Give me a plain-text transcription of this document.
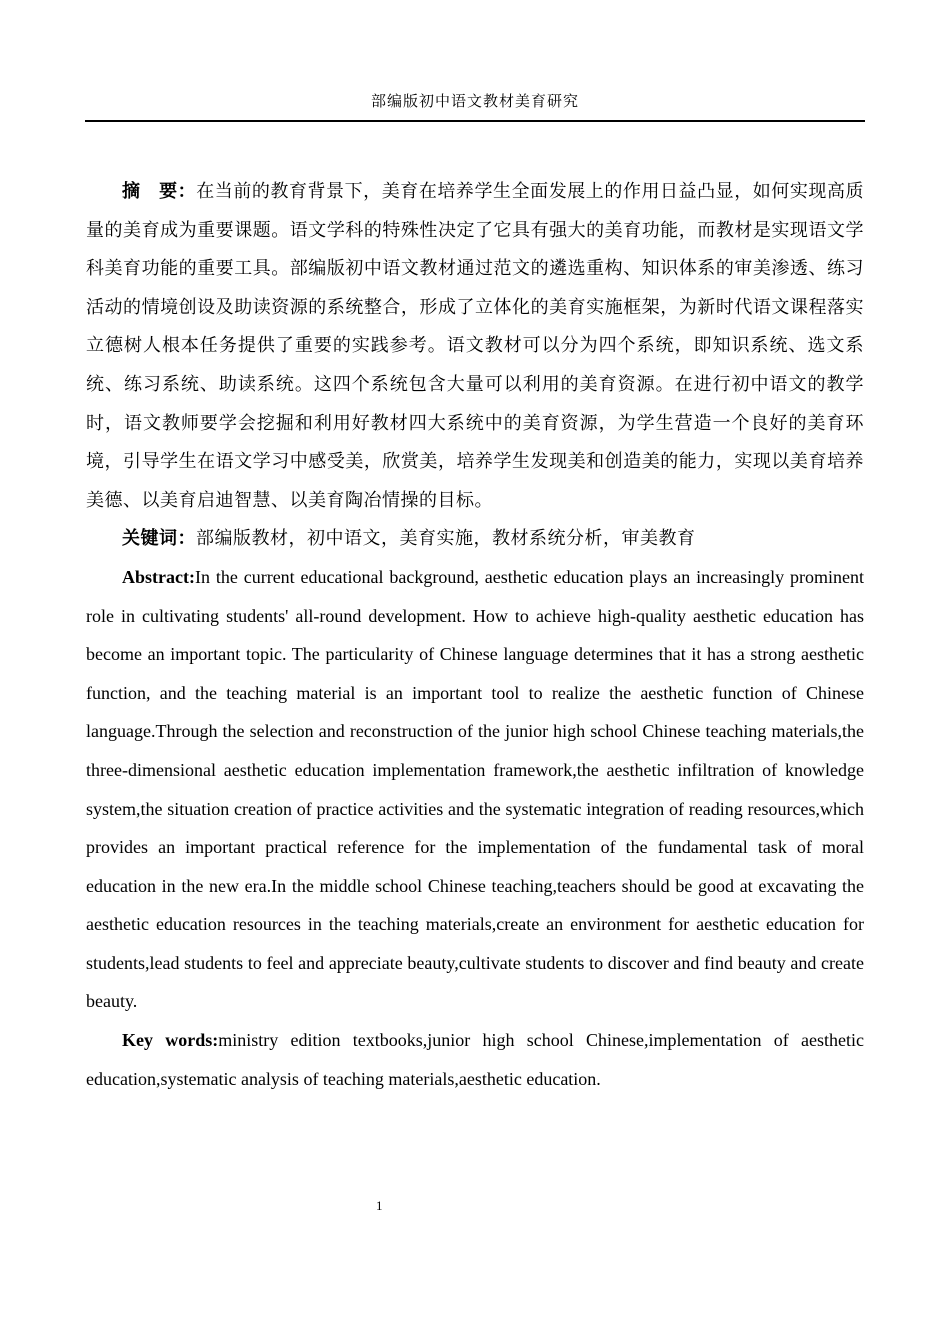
部编版初中语文教材美育研究

摘　要：在当前的教育背景下，美育在培养学生全面发展上的作用日益凸显，如何实现高质量的美育成为重要课题。语文学科的特殊性决定了它具有强大的美育功能，而教材是实现语文学科美育功能的重要工具。部编版初中语文教材通过范文的遴选重构、知识体系的审美渗透、练习活动的情境创设及助读资源的系统整合，形成了立体化的美育实施框架，为新时代语文课程落实立德树人根本任务提供了重要的实践参考。语文教材可以分为四个系统，即知识系统、选文系统、练习系统、助读系统。这四个系统包含大量可以利用的美育资源。在进行初中语文的教学时，语文教师要学会挖掘和利用好教材四大系统中的美育资源，为学生营造一个良好的美育环境，引导学生在语文学习中感受美，欣赏美，培养学生发现美和创造美的能力，实现以美育培养美德、以美育启迪智慧、以美育陶冶情操的目标。

关键词：部编版教材，初中语文，美育实施，教材系统分析，审美教育

Abstract:In the current educational background, aesthetic education plays an increasingly prominent role in cultivating students' all-round development. How to achieve high-quality aesthetic education has become an important topic. The particularity of Chinese language determines that it has a strong aesthetic function, and the teaching material is an important tool to realize the aesthetic function of Chinese language.Through the selection and reconstruction of the junior high school Chinese teaching materials,the three-dimensional aesthetic education implementation framework,the aesthetic infiltration of knowledge system,the situation creation of practice activities and the systematic integration of reading resources,which provides an important practical reference for the implementation of the fundamental task of moral education in the new era.In the middle school Chinese teaching,teachers should be good at excavating the aesthetic education resources in the teaching materials,create an environment for aesthetic education for students,lead students to feel and appreciate beauty,cultivate students to discover and find beauty and create beauty.

Key words:ministry edition textbooks,junior high school Chinese,implementation of aesthetic education,systematic analysis of teaching materials,aesthetic education.

1
